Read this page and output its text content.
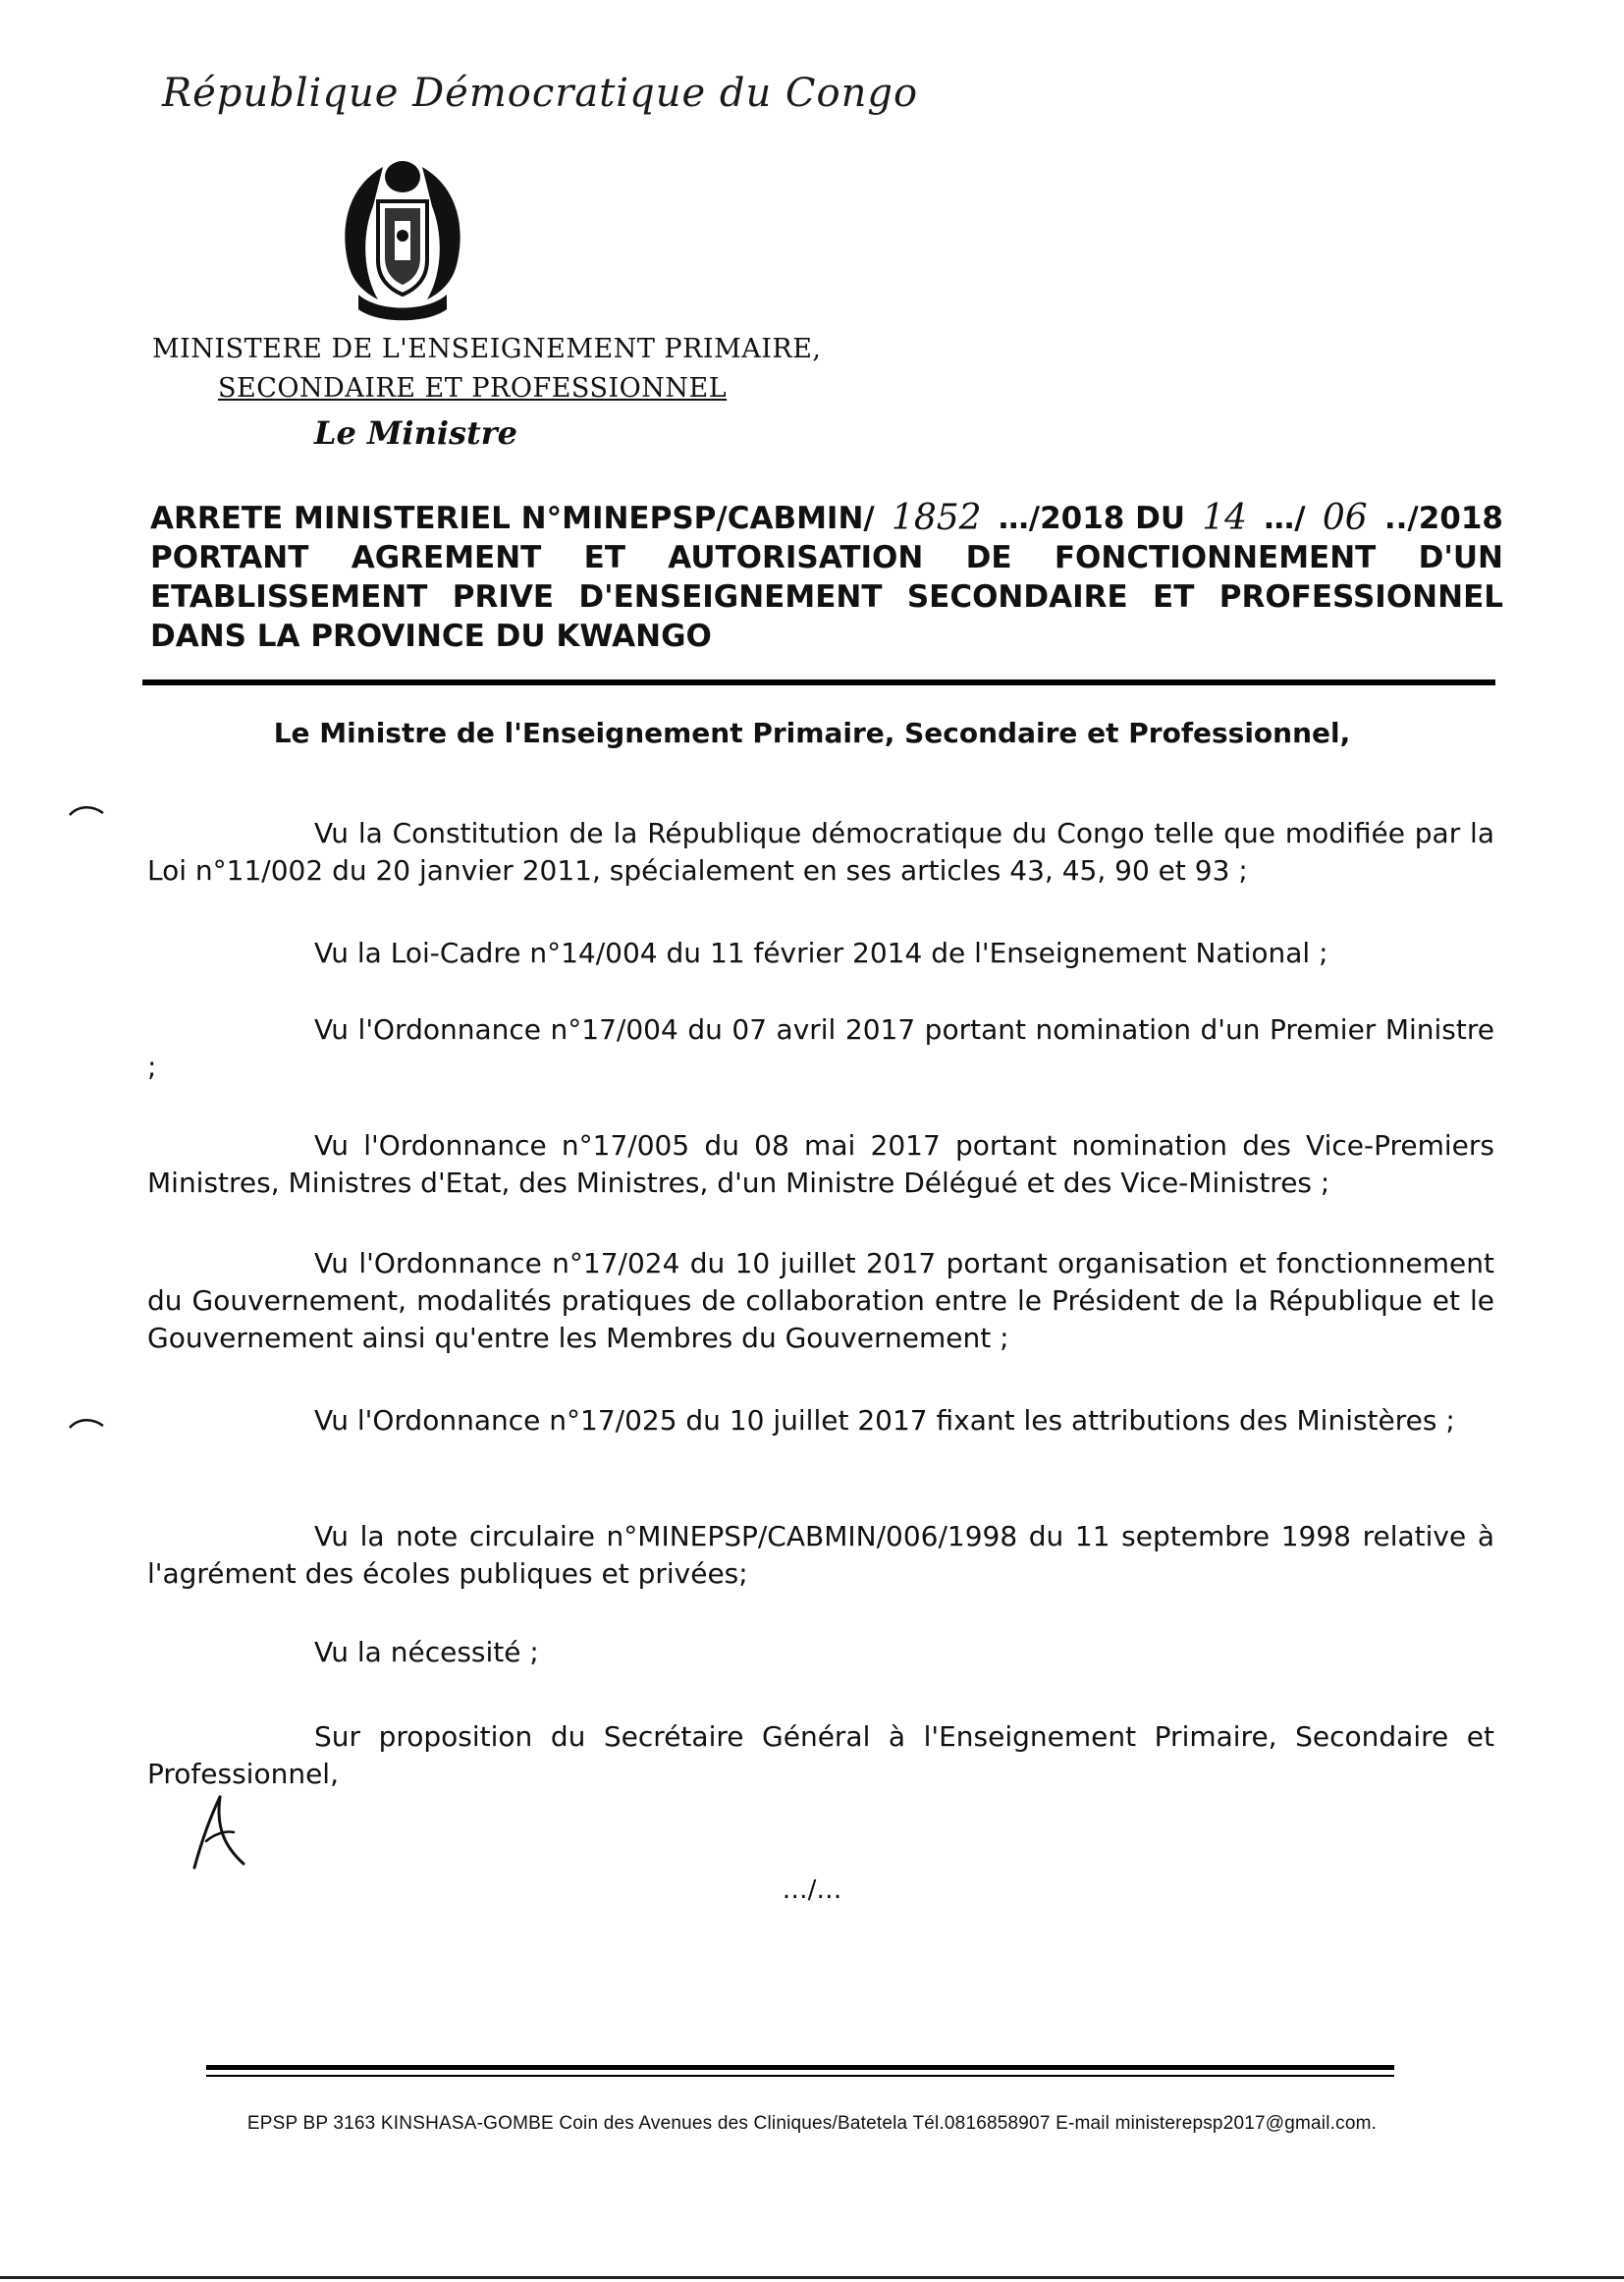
République Démocratique du Congo
MINISTERE DE L'ENSEIGNEMENT PRIMAIRE,
SECONDAIRE ET PROFESSIONNEL
Le Ministre
ARRETE MINISTERIEL N°MINEPSP/CABMIN/ 1852 …/2018 DU 14 …/ 06 ../2018
PORTANT AGREMENT ET AUTORISATION DE FONCTIONNEMENT D'UN ETABLISSEMENT PRIVE D'ENSEIGNEMENT SECONDAIRE ET PROFESSIONNEL
DANS LA PROVINCE DU KWANGO
Le Ministre de l'Enseignement Primaire, Secondaire et Professionnel,

Vu la Constitution de la République démocratique du Congo telle que modifiée par la Loi n°11/002 du 20 janvier 2011, spécialement en ses articles 43, 45, 90 et 93 ;

Vu la Loi-Cadre n°14/004 du 11 février 2014 de l'Enseignement National ;

Vu l'Ordonnance n°17/004 du 07 avril 2017 portant nomination d'un Premier Ministre ;

Vu l'Ordonnance n°17/005 du 08 mai 2017 portant nomination des Vice-Premiers Ministres, Ministres d'Etat, des Ministres, d'un Ministre Délégué et des Vice-Ministres ;

Vu l'Ordonnance n°17/024 du 10 juillet 2017 portant organisation et fonctionnement du Gouvernement, modalités pratiques de collaboration entre le Président de la République et le Gouvernement ainsi qu'entre les Membres du Gouvernement ;

Vu l'Ordonnance n°17/025 du 10 juillet 2017 fixant les attributions des Ministères ;

Vu la note circulaire n°MINEPSP/CABMIN/006/1998 du 11 septembre 1998 relative à l'agrément des écoles publiques et privées;

Vu la nécessité ;

Sur proposition du Secrétaire Général à l'Enseignement Primaire, Secondaire et Professionnel,

…/…
EPSP BP 3163 KINSHASA-GOMBE Coin des Avenues des Cliniques/Batetela Tél.0816858907 E-mail ministerepsp2017@gmail.com.
